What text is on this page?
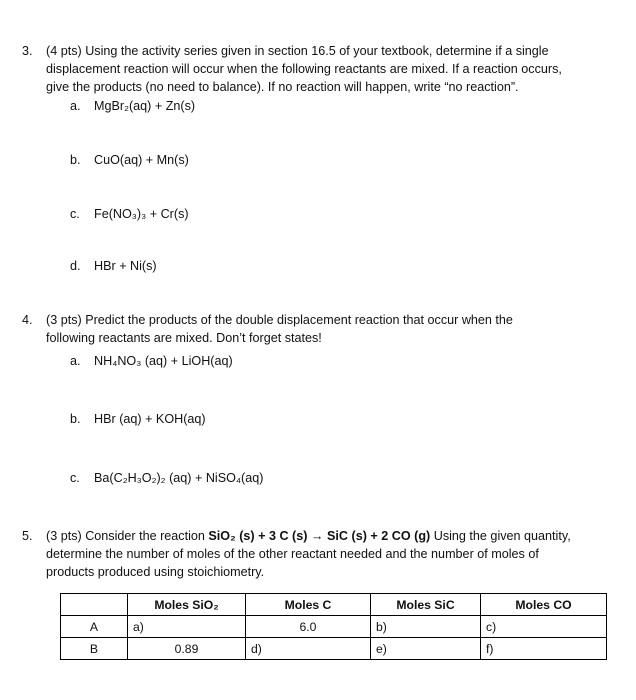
3. (4 pts) Using the activity series given in section 16.5 of your textbook, determine if a single
displacement reaction will occur when the following reactants are mixed. If a reaction occurs,
give the products (no need to balance). If no reaction will happen, write “no reaction”.
a. MgBr₂(aq) + Zn(s)
b. CuO(aq) + Mn(s)
c. Fe(NO₃)₃ + Cr(s)
d. HBr + Ni(s)
4. (3 pts) Predict the products of the double displacement reaction that occur when the
following reactants are mixed. Don’t forget states!
a. NH₄NO₃ (aq) + LiOH(aq)
b. HBr (aq) + KOH(aq)
c. Ba(C₂H₃O₂)₂ (aq) + NiSO₄(aq)
5. (3 pts) Consider the reaction SiO₂ (s) + 3 C (s) → SiC (s) + 2 CO (g) Using the given quantity,
determine the number of moles of the other reactant needed and the number of moles of
products produced using stoichiometry.
	Moles SiO₂	Moles C	Moles SiC	Moles CO
A	a)	6.0	b)	c)
B	0.89	d)	e)	f)
